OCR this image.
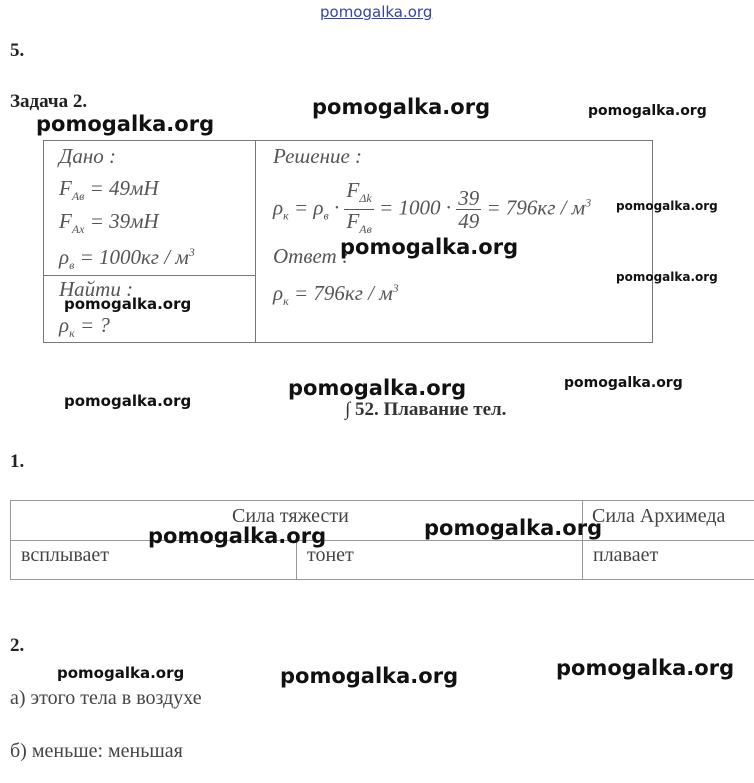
pomogalka.org
5.
Задача 2.
Дано :
$F_{Ав} = 49мН$
$F_{Ах} = 39мН$
$\rho_в = 1000кг / м^3$
Найти :
$\rho_к$ = ?
Решение :
$\rho_к = \rho_в \cdot \frac{F_{\Delta k}}{F_{Ав}} = 1000 \cdot \frac{39}{49} = 796кг / м^3$
Ответ :
$\rho_к = 796кг / м^3$
∫ 52. Плавание тел.
1.
Сила тяжести	Сила Архимеда
всплывает	тонет	плавает
2.
а) этого тела в воздухе
б) меньше: меньшая
pomogalka.org	pomogalka.org
pomogalka.org
pomogalka.org
pomogalka.org
pomogalka.org
pomogalka.org
pomogalka.org	pomogalka.org
pomogalka.org
pomogalka.org
pomogalka.org
pomogalka.org
pomogalka.org	pomogalka.org
